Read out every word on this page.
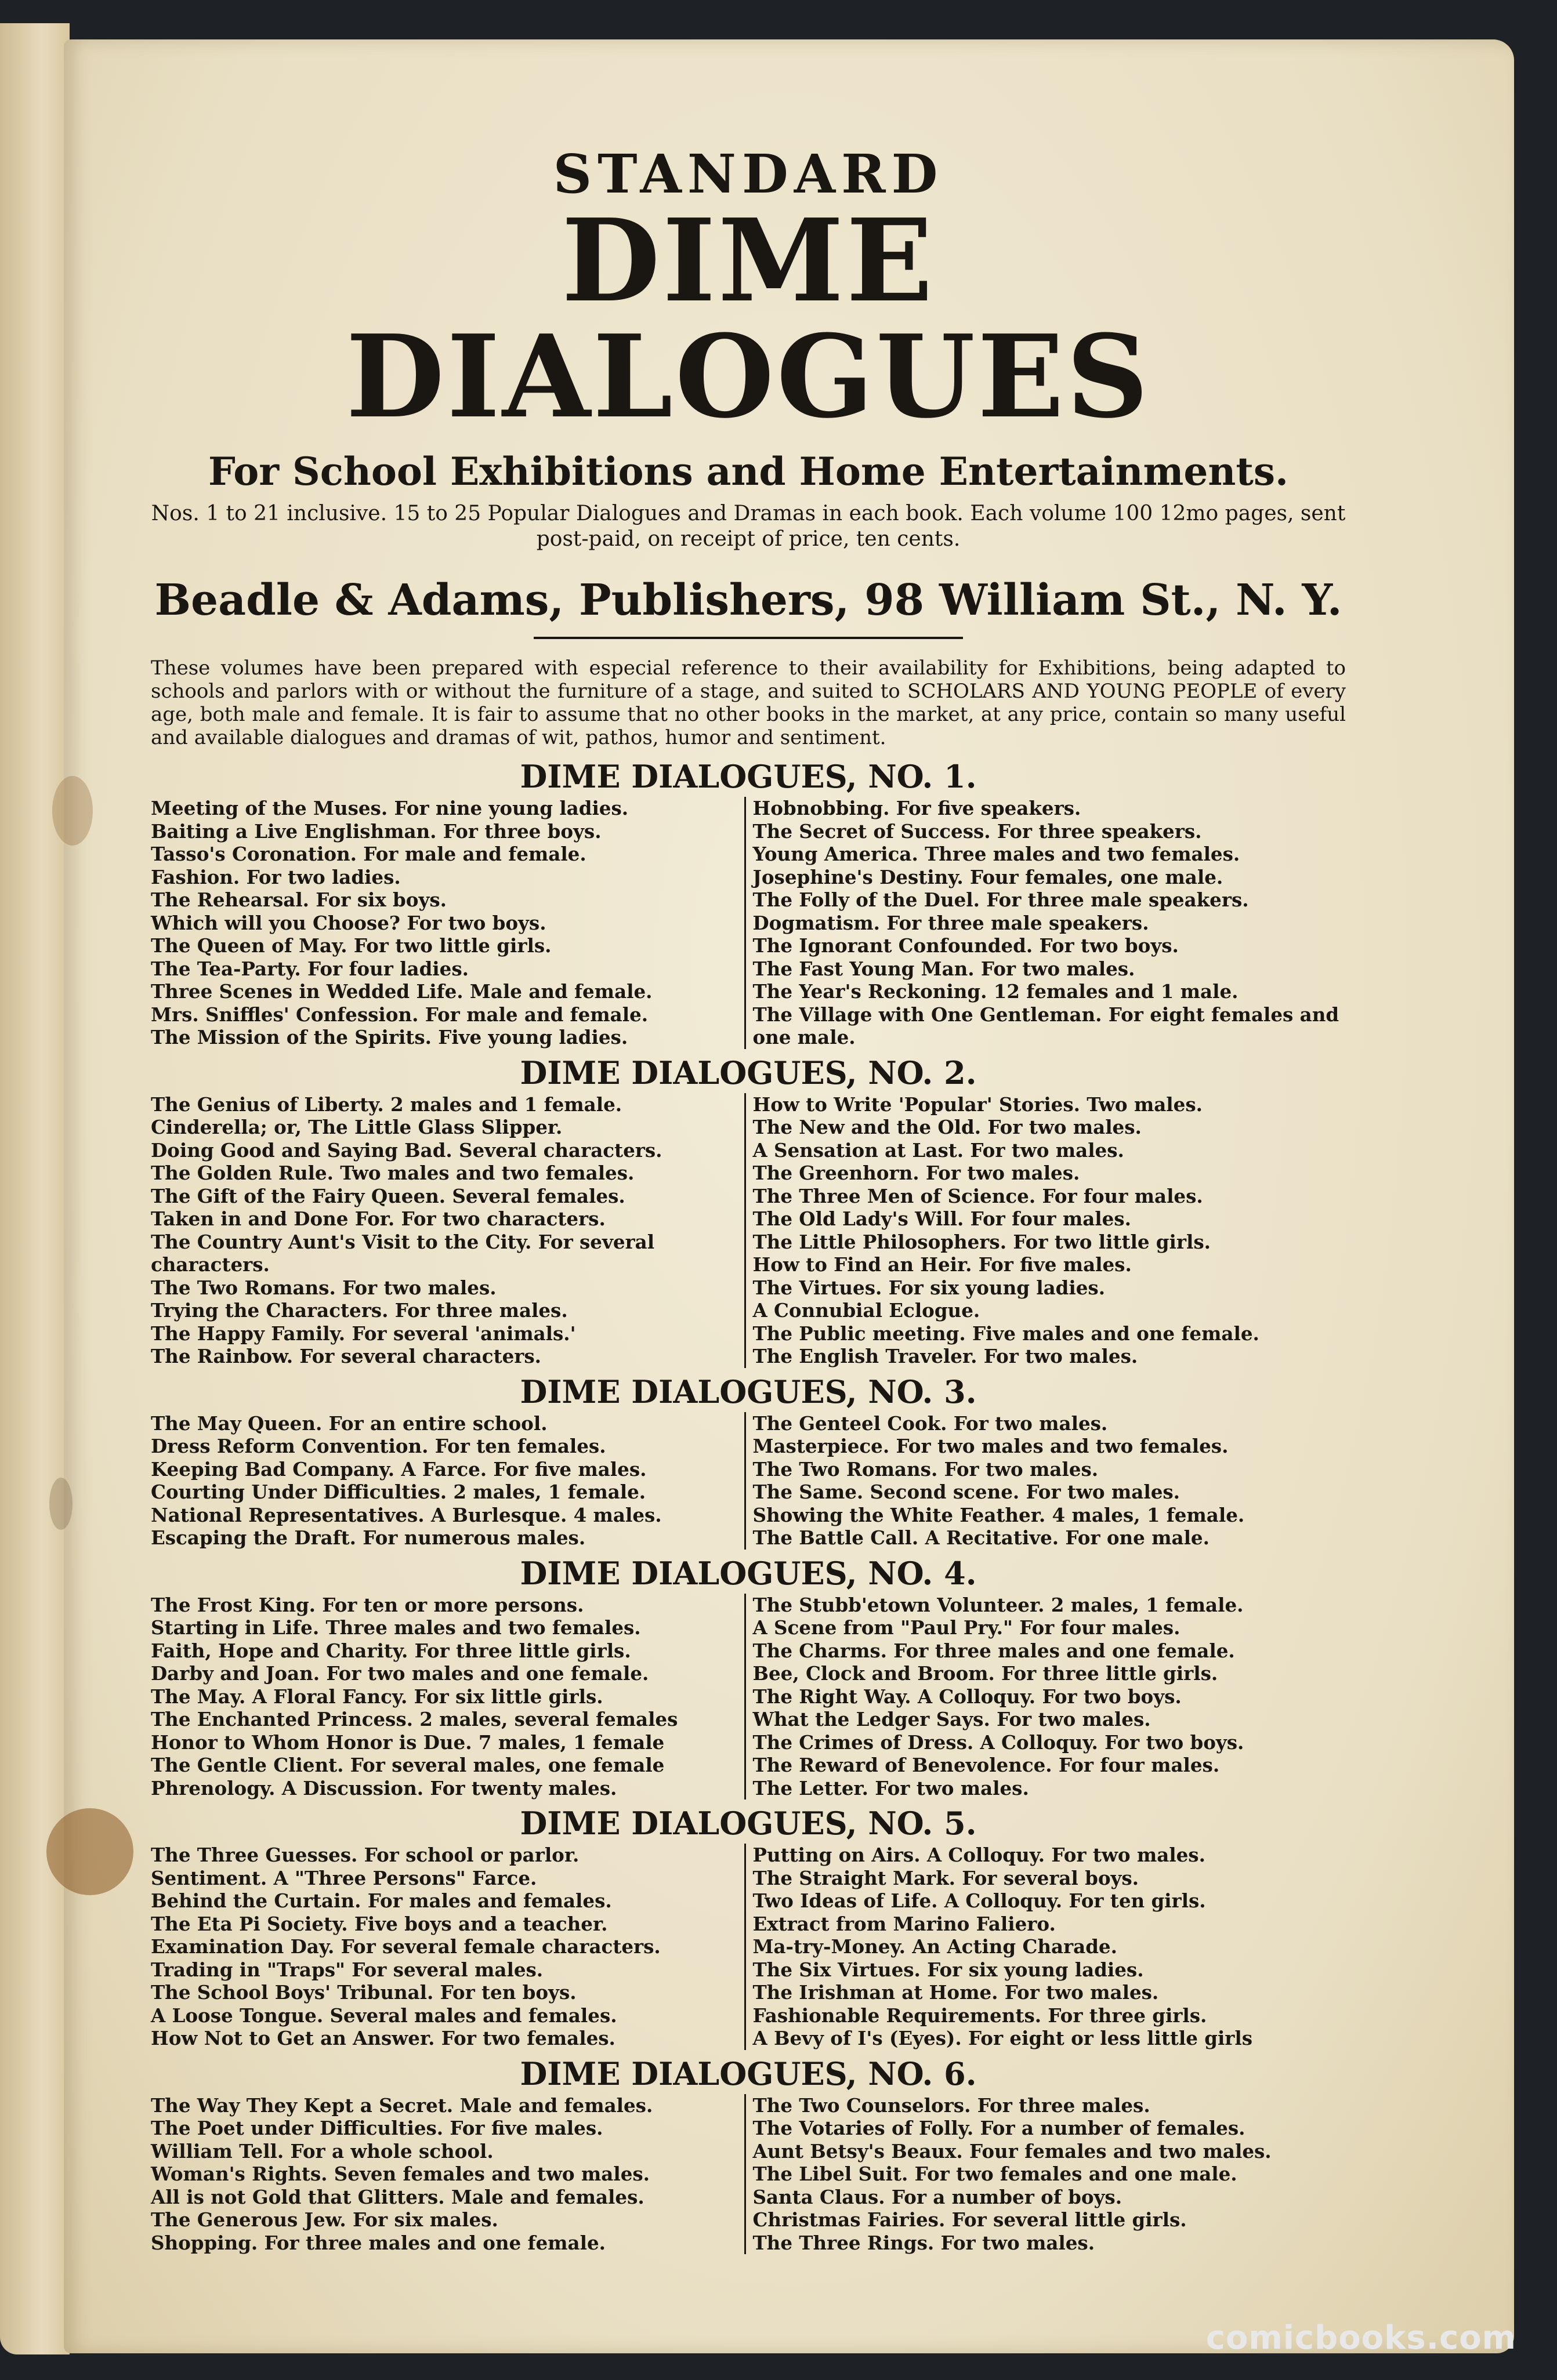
STANDARD
DIME DIALOGUES
For School Exhibitions and Home Entertainments.
Nos. 1 to 21 inclusive. 15 to 25 Popular Dialogues and Dramas in each book. Each volume 100 12mo pages, sent post-paid, on receipt of price, ten cents.
Beadle & Adams, Publishers, 98 William St., N. Y.

These volumes have been prepared with especial reference to their availability for Exhibitions, being adapted to schools and parlors with or without the furniture of a stage, and suited to SCHOLARS AND YOUNG PEOPLE of every age, both male and female. It is fair to assume that no other books in the market, at any price, contain so many useful and available dialogues and dramas of wit, pathos, humor and sentiment.

DIME DIALOGUES, NO. 1.
Meeting of the Muses. For nine young ladies.
Baiting a Live Englishman. For three boys.
Tasso's Coronation. For male and female.
Fashion. For two ladies.
The Rehearsal. For six boys.
Which will you Choose? For two boys.
The Queen of May. For two little girls.
The Tea-Party. For four ladies.
Three Scenes in Wedded Life. Male and female.
Mrs. Sniffles' Confession. For male and female.
The Mission of the Spirits. Five young ladies.
Hobnobbing. For five speakers.
The Secret of Success. For three speakers.
Young America. Three males and two females.
Josephine's Destiny. Four females, one male.
The Folly of the Duel. For three male speakers.
Dogmatism. For three male speakers.
The Ignorant Confounded. For two boys.
The Fast Young Man. For two males.
The Year's Reckoning. 12 females and 1 male.
The Village with One Gentleman. For eight females and one male.
DIME DIALOGUES, NO. 2.
The Genius of Liberty. 2 males and 1 female.
Cinderella; or, The Little Glass Slipper.
Doing Good and Saying Bad. Several characters.
The Golden Rule. Two males and two females.
The Gift of the Fairy Queen. Several females.
Taken in and Done For. For two characters.
The Country Aunt's Visit to the City. For several characters.
The Two Romans. For two males.
Trying the Characters. For three males.
The Happy Family. For several 'animals.'
The Rainbow. For several characters.
How to Write 'Popular' Stories. Two males.
The New and the Old. For two males.
A Sensation at Last. For two males.
The Greenhorn. For two males.
The Three Men of Science. For four males.
The Old Lady's Will. For four males.
The Little Philosophers. For two little girls.
How to Find an Heir. For five males.
The Virtues. For six young ladies.
A Connubial Eclogue.
The Public meeting. Five males and one female.
The English Traveler. For two males.
DIME DIALOGUES, NO. 3.
The May Queen. For an entire school.
Dress Reform Convention. For ten females.
Keeping Bad Company. A Farce. For five males.
Courting Under Difficulties. 2 males, 1 female.
National Representatives. A Burlesque. 4 males.
Escaping the Draft. For numerous males.
The Genteel Cook. For two males.
Masterpiece. For two males and two females.
The Two Romans. For two males.
The Same. Second scene. For two males.
Showing the White Feather. 4 males, 1 female.
The Battle Call. A Recitative. For one male.
DIME DIALOGUES, NO. 4.
The Frost King. For ten or more persons.
Starting in Life. Three males and two females.
Faith, Hope and Charity. For three little girls.
Darby and Joan. For two males and one female.
The May. A Floral Fancy. For six little girls.
The Enchanted Princess. 2 males, several females
Honor to Whom Honor is Due. 7 males, 1 female
The Gentle Client. For several males, one female
Phrenology. A Discussion. For twenty males.
The Stubb'etown Volunteer. 2 males, 1 female.
A Scene from "Paul Pry." For four males.
The Charms. For three males and one female.
Bee, Clock and Broom. For three little girls.
The Right Way. A Colloquy. For two boys.
What the Ledger Says. For two males.
The Crimes of Dress. A Colloquy. For two boys.
The Reward of Benevolence. For four males.
The Letter. For two males.
DIME DIALOGUES, NO. 5.
The Three Guesses. For school or parlor.
Sentiment. A "Three Persons" Farce.
Behind the Curtain. For males and females.
The Eta Pi Society. Five boys and a teacher.
Examination Day. For several female characters.
Trading in "Traps" For several males.
The School Boys' Tribunal. For ten boys.
A Loose Tongue. Several males and females.
How Not to Get an Answer. For two females.
Putting on Airs. A Colloquy. For two males.
The Straight Mark. For several boys.
Two Ideas of Life. A Colloquy. For ten girls.
Extract from Marino Faliero.
Ma-try-Money. An Acting Charade.
The Six Virtues. For six young ladies.
The Irishman at Home. For two males.
Fashionable Requirements. For three girls.
A Bevy of I's (Eyes). For eight or less little girls
DIME DIALOGUES, NO. 6.
The Way They Kept a Secret. Male and females.
The Poet under Difficulties. For five males.
William Tell. For a whole school.
Woman's Rights. Seven females and two males.
All is not Gold that Glitters. Male and females.
The Generous Jew. For six males.
Shopping. For three males and one female.
The Two Counselors. For three males.
The Votaries of Folly. For a number of females.
Aunt Betsy's Beaux. Four females and two males.
The Libel Suit. For two females and one male.
Santa Claus. For a number of boys.
Christmas Fairies. For several little girls.
The Three Rings. For two males.
comicbooks.com
